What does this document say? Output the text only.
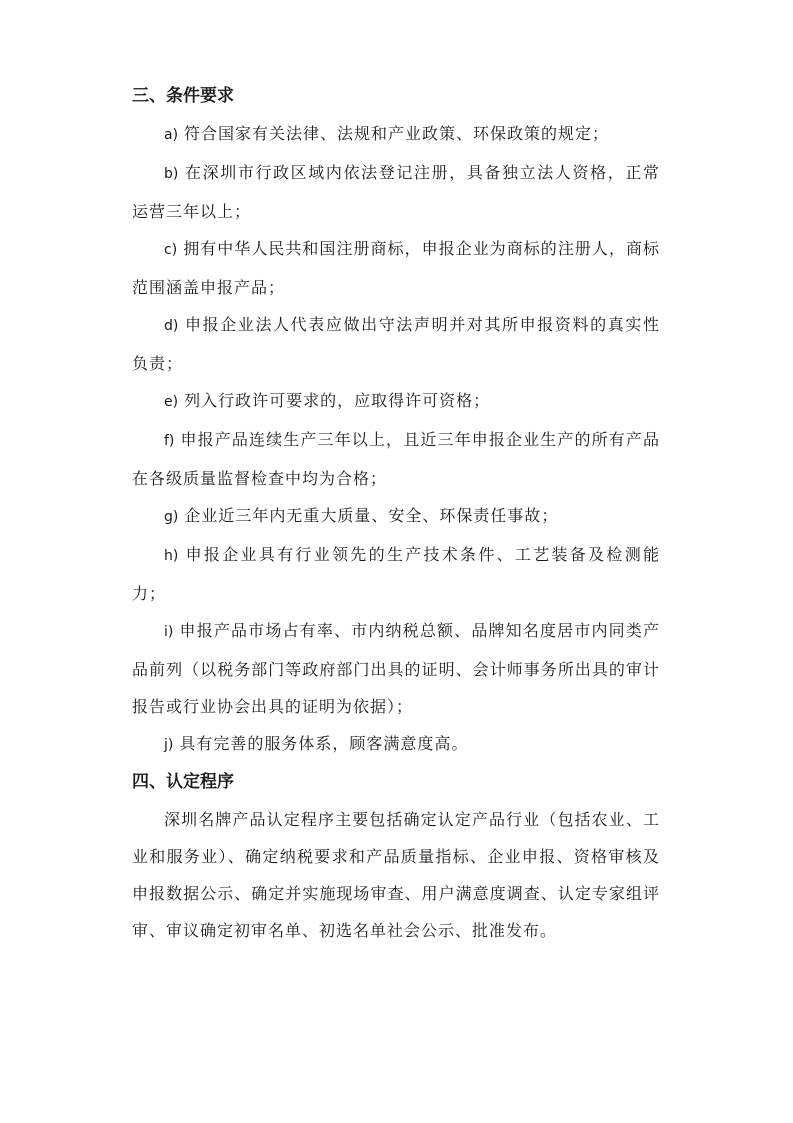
三、条件要求

a) 符合国家有关法律、法规和产业政策、环保政策的规定；

b) 在深圳市行政区域内依法登记注册，具备独立法人资格，正常运营三年以上；

c) 拥有中华人民共和国注册商标，申报企业为商标的注册人，商标范围涵盖申报产品；

d) 申报企业法人代表应做出守法声明并对其所申报资料的真实性负责；

e) 列入行政许可要求的，应取得许可资格；

f) 申报产品连续生产三年以上，且近三年申报企业生产的所有产品在各级质量监督检查中均为合格；

g) 企业近三年内无重大质量、安全、环保责任事故；

h) 申报企业具有行业领先的生产技术条件、工艺装备及检测能力；

i) 申报产品市场占有率、市内纳税总额、品牌知名度居市内同类产品前列（以税务部门等政府部门出具的证明、会计师事务所出具的审计报告或行业协会出具的证明为依据）；

j) 具有完善的服务体系，顾客满意度高。

四、认定程序

深圳名牌产品认定程序主要包括确定认定产品行业（包括农业、工业和服务业）、确定纳税要求和产品质量指标、企业申报、资格审核及申报数据公示、确定并实施现场审查、用户满意度调查、认定专家组评审、审议确定初审名单、初选名单社会公示、批准发布。
